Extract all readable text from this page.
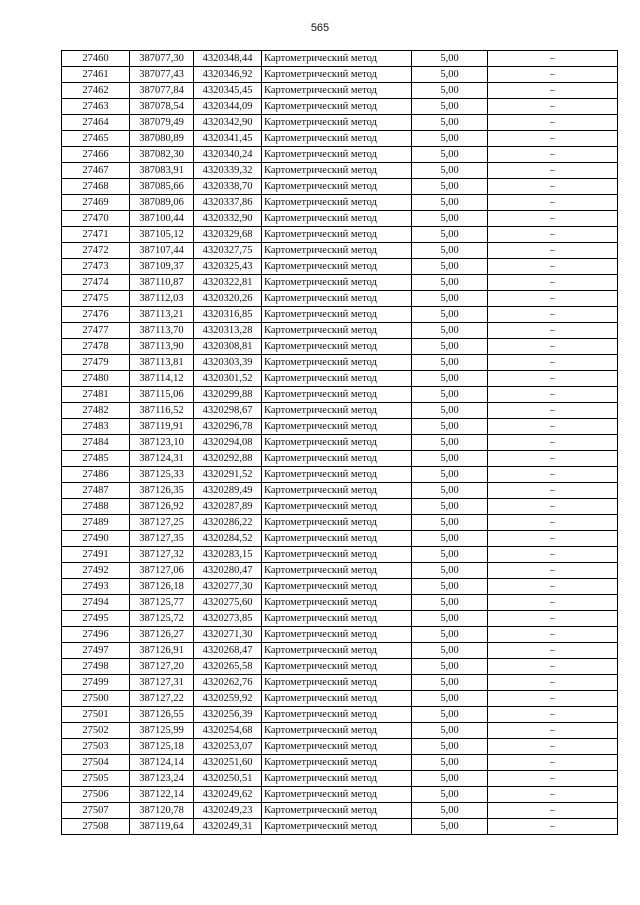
565
27460	387077,30	4320348,44	Картометрический метод	5,00	–
27461	387077,43	4320346,92	Картометрический метод	5,00	–
27462	387077,84	4320345,45	Картометрический метод	5,00	–
27463	387078,54	4320344,09	Картометрический метод	5,00	–
27464	387079,49	4320342,90	Картометрический метод	5,00	–
27465	387080,89	4320341,45	Картометрический метод	5,00	–
27466	387082,30	4320340,24	Картометрический метод	5,00	–
27467	387083,91	4320339,32	Картометрический метод	5,00	–
27468	387085,66	4320338,70	Картометрический метод	5,00	–
27469	387089,06	4320337,86	Картометрический метод	5,00	–
27470	387100,44	4320332,90	Картометрический метод	5,00	–
27471	387105,12	4320329,68	Картометрический метод	5,00	–
27472	387107,44	4320327,75	Картометрический метод	5,00	–
27473	387109,37	4320325,43	Картометрический метод	5,00	–
27474	387110,87	4320322,81	Картометрический метод	5,00	–
27475	387112,03	4320320,26	Картометрический метод	5,00	–
27476	387113,21	4320316,85	Картометрический метод	5,00	–
27477	387113,70	4320313,28	Картометрический метод	5,00	–
27478	387113,90	4320308,81	Картометрический метод	5,00	–
27479	387113,81	4320303,39	Картометрический метод	5,00	–
27480	387114,12	4320301,52	Картометрический метод	5,00	–
27481	387115,06	4320299,88	Картометрический метод	5,00	–
27482	387116,52	4320298,67	Картометрический метод	5,00	–
27483	387119,91	4320296,78	Картометрический метод	5,00	–
27484	387123,10	4320294,08	Картометрический метод	5,00	–
27485	387124,31	4320292,88	Картометрический метод	5,00	–
27486	387125,33	4320291,52	Картометрический метод	5,00	–
27487	387126,35	4320289,49	Картометрический метод	5,00	–
27488	387126,92	4320287,89	Картометрический метод	5,00	–
27489	387127,25	4320286,22	Картометрический метод	5,00	–
27490	387127,35	4320284,52	Картометрический метод	5,00	–
27491	387127,32	4320283,15	Картометрический метод	5,00	–
27492	387127,06	4320280,47	Картометрический метод	5,00	–
27493	387126,18	4320277,30	Картометрический метод	5,00	–
27494	387125,77	4320275,60	Картометрический метод	5,00	–
27495	387125,72	4320273,85	Картометрический метод	5,00	–
27496	387126,27	4320271,30	Картометрический метод	5,00	–
27497	387126,91	4320268,47	Картометрический метод	5,00	–
27498	387127,20	4320265,58	Картометрический метод	5,00	–
27499	387127,31	4320262,76	Картометрический метод	5,00	–
27500	387127,22	4320259,92	Картометрический метод	5,00	–
27501	387126,55	4320256,39	Картометрический метод	5,00	–
27502	387125,99	4320254,68	Картометрический метод	5,00	–
27503	387125,18	4320253,07	Картометрический метод	5,00	–
27504	387124,14	4320251,60	Картометрический метод	5,00	–
27505	387123,24	4320250,51	Картометрический метод	5,00	–
27506	387122,14	4320249,62	Картометрический метод	5,00	–
27507	387120,78	4320249,23	Картометрический метод	5,00	–
27508	387119,64	4320249,31	Картометрический метод	5,00	–
